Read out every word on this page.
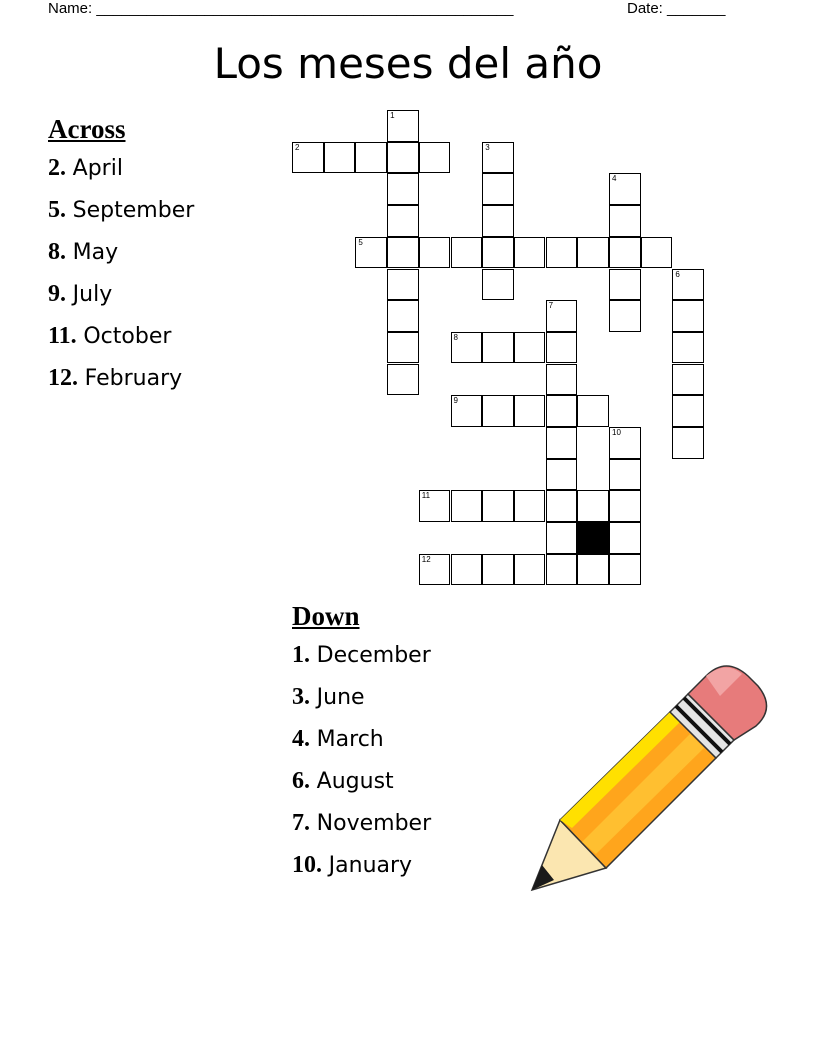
Name: __________________________________________________	Date: _______
Los meses del año
Across
2. April
5. September
8. May
9. July
11. October
12. February
Down
1. December
3. June
4. March
6. August
7. November
10. January
2
5
8
9
11
12
1
3
4
6
7
10
